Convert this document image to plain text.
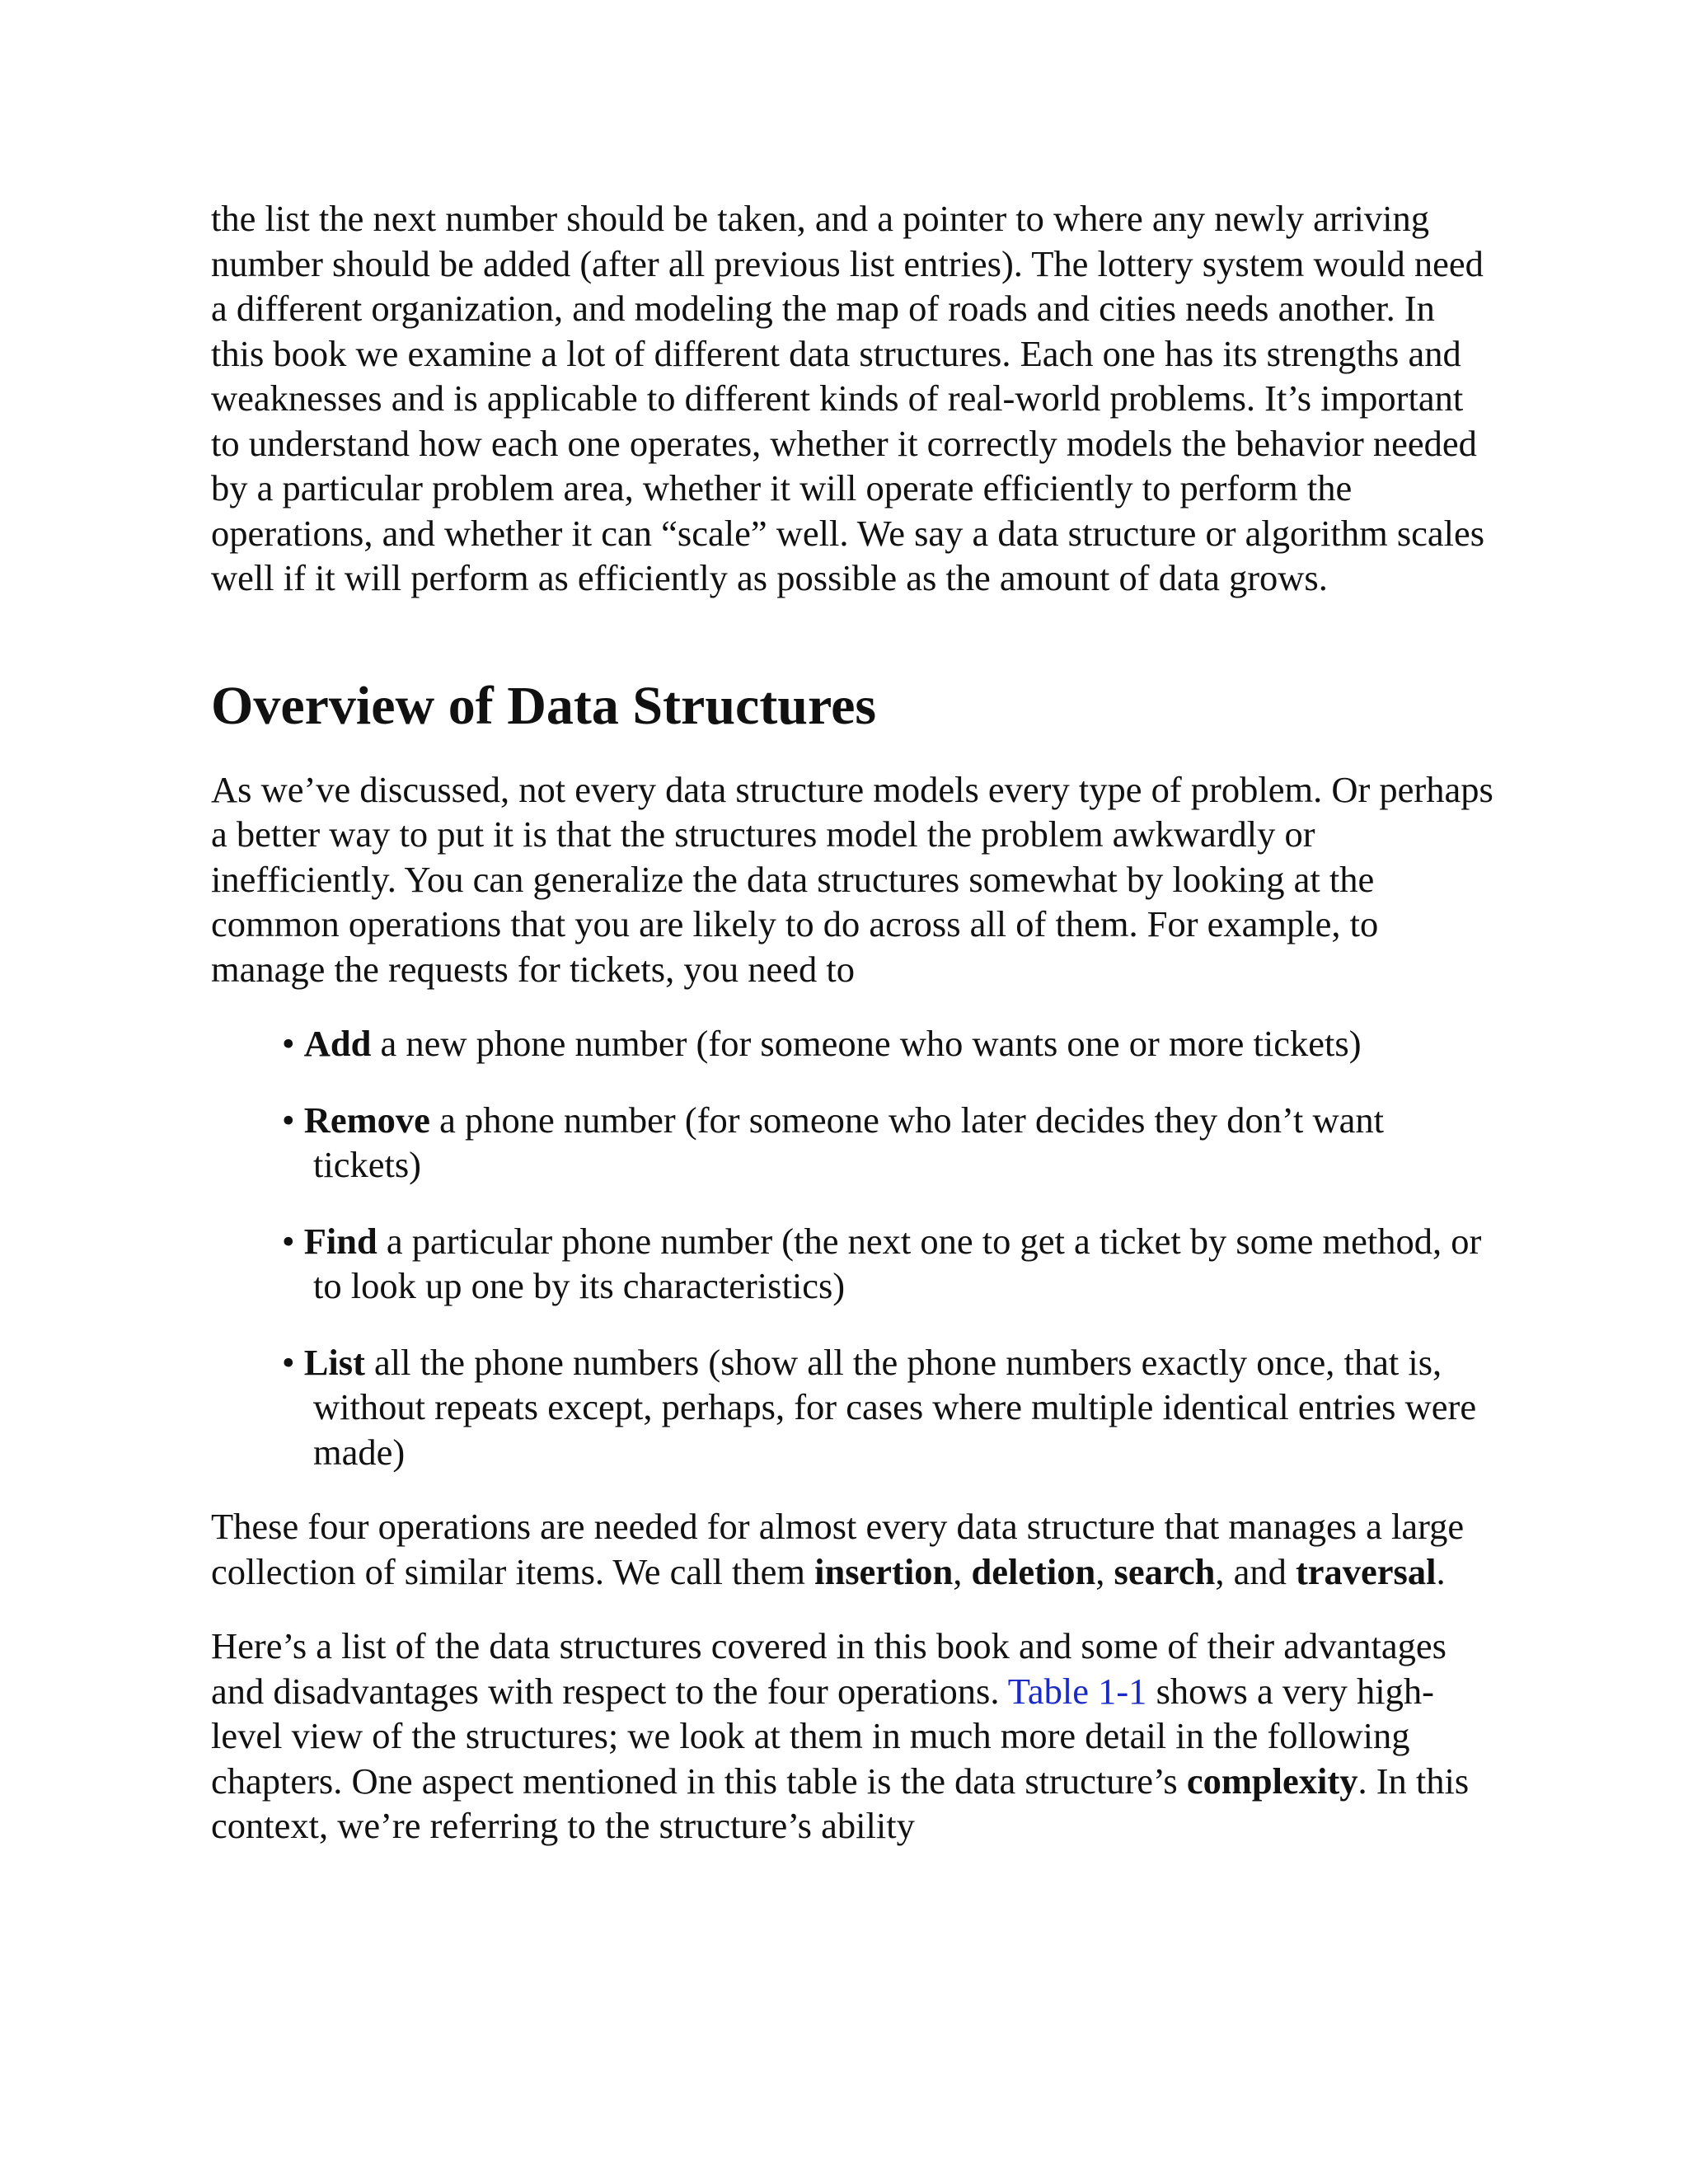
the list the next number should be taken, and a pointer to where any newly arriving number should be added (after all previous list entries). The lottery system would need a different organization, and modeling the map of roads and cities needs another. In this book we examine a lot of different data structures. Each one has its strengths and weaknesses and is applicable to different kinds of real-world problems. It’s important to understand how each one operates, whether it correctly models the behavior needed by a particular problem area, whether it will operate efficiently to perform the operations, and whether it can “scale” well. We say a data structure or algorithm scales well if it will perform as efficiently as possible as the amount of data grows.

Overview of Data Structures

As we’ve discussed, not every data structure models every type of problem. Or perhaps a better way to put it is that the structures model the problem awkwardly or inefficiently. You can generalize the data structures somewhat by looking at the common operations that you are likely to do across all of them. For example, to manage the requests for tickets, you need to

• Add a new phone number (for someone who wants one or more tickets)
• Remove a phone number (for someone who later decides they don’t want tickets)
• Find a particular phone number (the next one to get a ticket by some method, or to look up one by its characteristics)
• List all the phone numbers (show all the phone numbers exactly once, that is, without repeats except, perhaps, for cases where multiple identical entries were made)

These four operations are needed for almost every data structure that manages a large collection of similar items. We call them insertion, deletion, search, and traversal.

Here’s a list of the data structures covered in this book and some of their advantages and disadvantages with respect to the four operations. Table 1-1 shows a very high-level view of the structures; we look at them in much more detail in the following chapters. One aspect mentioned in this table is the data structure’s complexity. In this context, we’re referring to the structure’s ability
